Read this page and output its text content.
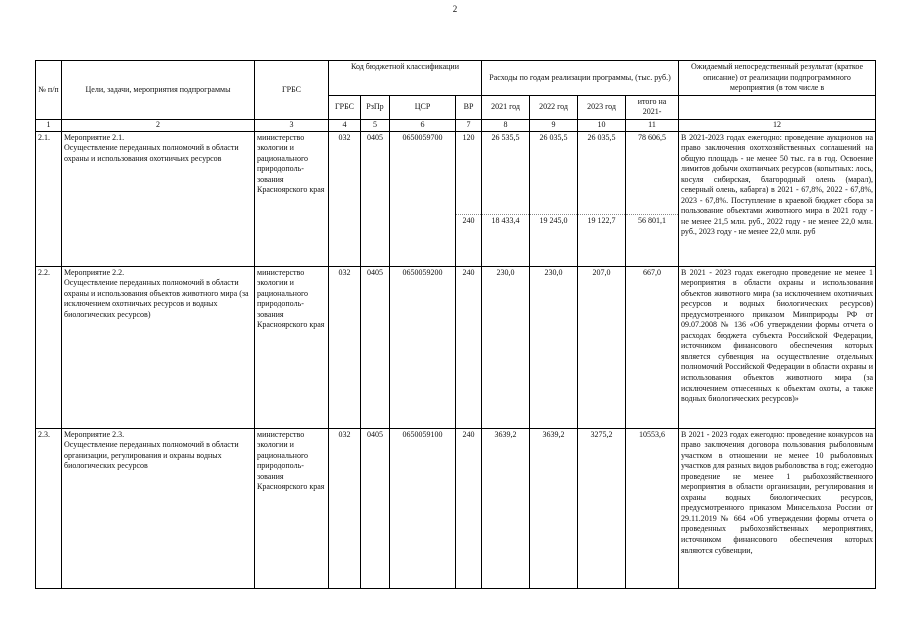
2
№ п/п	Цели, задачи, мероприятия подпрограммы	ГРБС	Код бюджетной классификации				Расходы по годам реализации программы, (тыс. руб.)				Ожидаемый непосредственный результат (краткое описание) от реализации подпрограммного мероприятия (в том числе в
			ГРБС	РзПр	ЦСР	ВР	2021 год	2022 год	2023 год	итого на 2021-	
1	2	3	4	5	6	7	8	9	10	11	12
2.1.	Мероприятие 2.1.
Осуществление переданных полномочий в области охраны и использования охотничьих ресурсов	министерство экологии и рационального природополь-зования Красноярского края	032	0405	0650059700	120	26 535,5	26 035,5	26 035,5	78 606,5	В 2021-2023 годах ежегодно: проведение аукционов на право заключения охотхозяйственных соглашений на общую площадь - не менее 50 тыс. га в год. Освоение лимитов добычи охотничьих ресурсов (копытных: лось, косуля сибирская, благородный олень (марал), северный олень, кабарга) в 2021 - 67,8%, 2022 - 67,8%, 2023 - 67,8%. Поступление в краевой бюджет сбора за пользование объектами животного мира в 2021 году - не менее 21,5 млн. руб., 2022 году - не менее 22,0 млн. руб., 2023 году - не менее 22,0 млн. руб
						240	18 433,4	19 245,0	19 122,7	56 801,1	
2.2.	Мероприятие 2.2.
Осуществление переданных полномочий в области охраны и использования объектов животного мира (за исключением охотничьих ресурсов и водных биологических ресурсов)	министерство экологии и рационального природополь-зования Красноярского края	032	0405	0650059200	240	230,0	230,0	207,0	667,0	В 2021 - 2023 годах ежегодно проведение не менее 1 мероприятия в области охраны и использования объектов животного мира (за исключением охотничьих ресурсов и водных биологических ресурсов) предусмотренного приказом Минприроды РФ от 09.07.2008 № 136 «Об утверждении формы отчета о расходах бюджета субъекта Российской Федерации, источником финансового обеспечения которых является субвенция на осуществление отдельных полномочий Российской Федерации в области охраны и использования объектов животного мира (за исключением отнесенных к объектам охоты, а также водных биологических ресурсов)»
2.3.	Мероприятие 2.3.
Осуществление переданных полномочий в области организации, регулирования и охраны водных биологических ресурсов	министерство экологии и рационального природополь-зования Красноярского края	032	0405	0650059100	240	3639,2	3639,2	3275,2	10553,6	В 2021 - 2023 годах ежегодно: проведение конкурсов на право заключения договора пользования рыболовным участком в отношении не менее 10 рыболовных участков для разных видов рыболовства в год; ежегодно проведение не менее 1 рыбохозяйственного мероприятия в области организации, регулирования и охраны водных биологических ресурсов, предусмотренного приказом Минсельхоза России от 29.11.2019 № 664 «Об утверждении формы отчета о проведенных рыбохозяйственных мероприятиях, источником финансового обеспечения которых являются субвенции,
